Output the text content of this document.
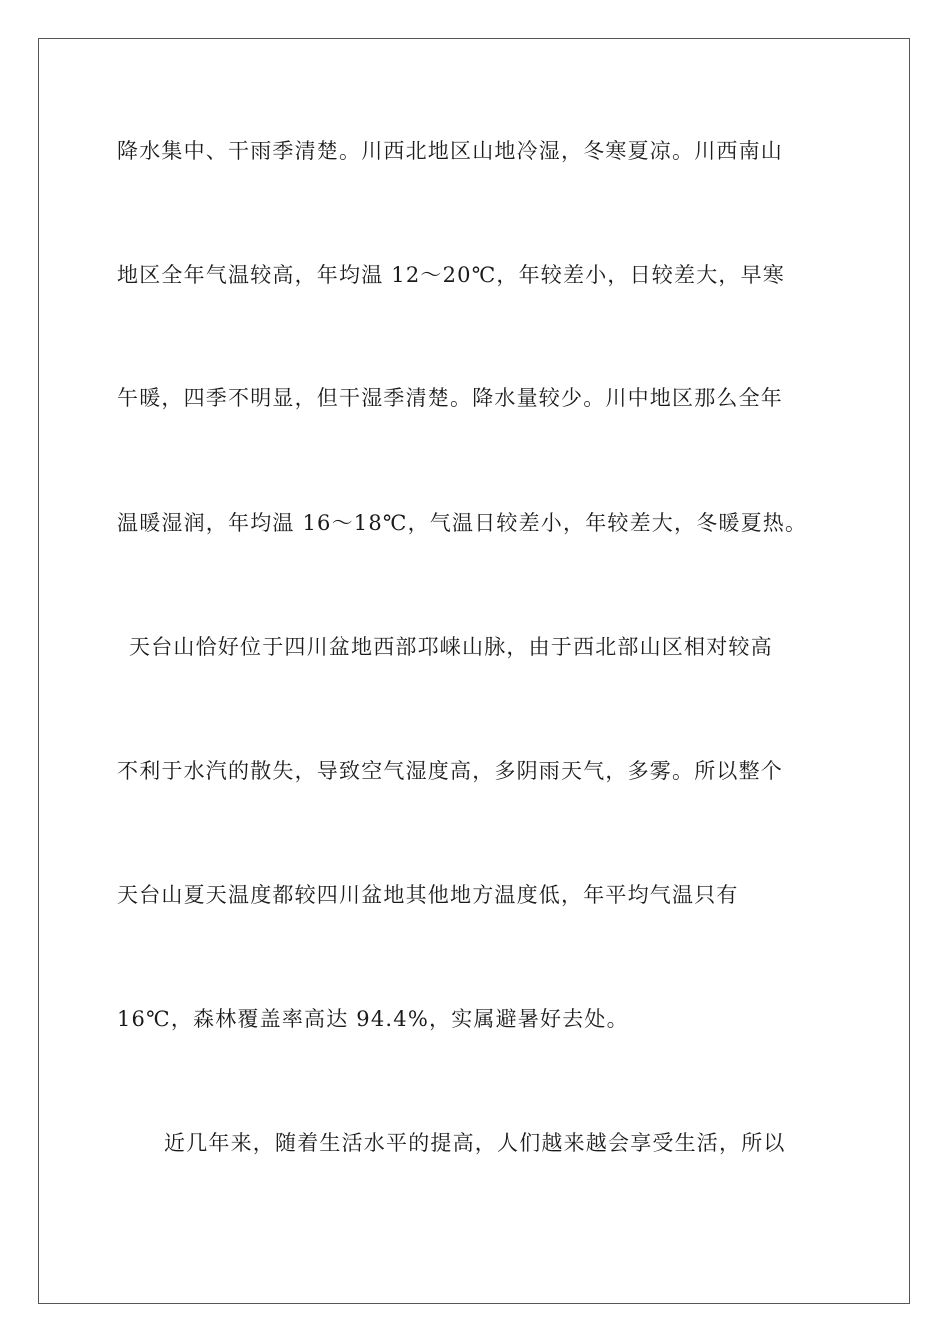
降水集中、干雨季清楚。川西北地区山地冷湿，冬寒夏凉。川西南山
地区全年气温较高，年均温 12～20℃，年较差小，日较差大，早寒
午暖，四季不明显，但干湿季清楚。降水量较少。川中地区那么全年
温暖湿润，年均温 16～18℃，气温日较差小，年较差大，冬暖夏热。
天台山恰好位于四川盆地西部邛崃山脉，由于西北部山区相对较高
不利于水汽的散失，导致空气湿度高，多阴雨天气，多雾。所以整个
天台山夏天温度都较四川盆地其他地方温度低，年平均气温只有
16℃，森林覆盖率高达 94.4%，实属避暑好去处。
近几年来，随着生活水平的提高，人们越来越会享受生活，所以
